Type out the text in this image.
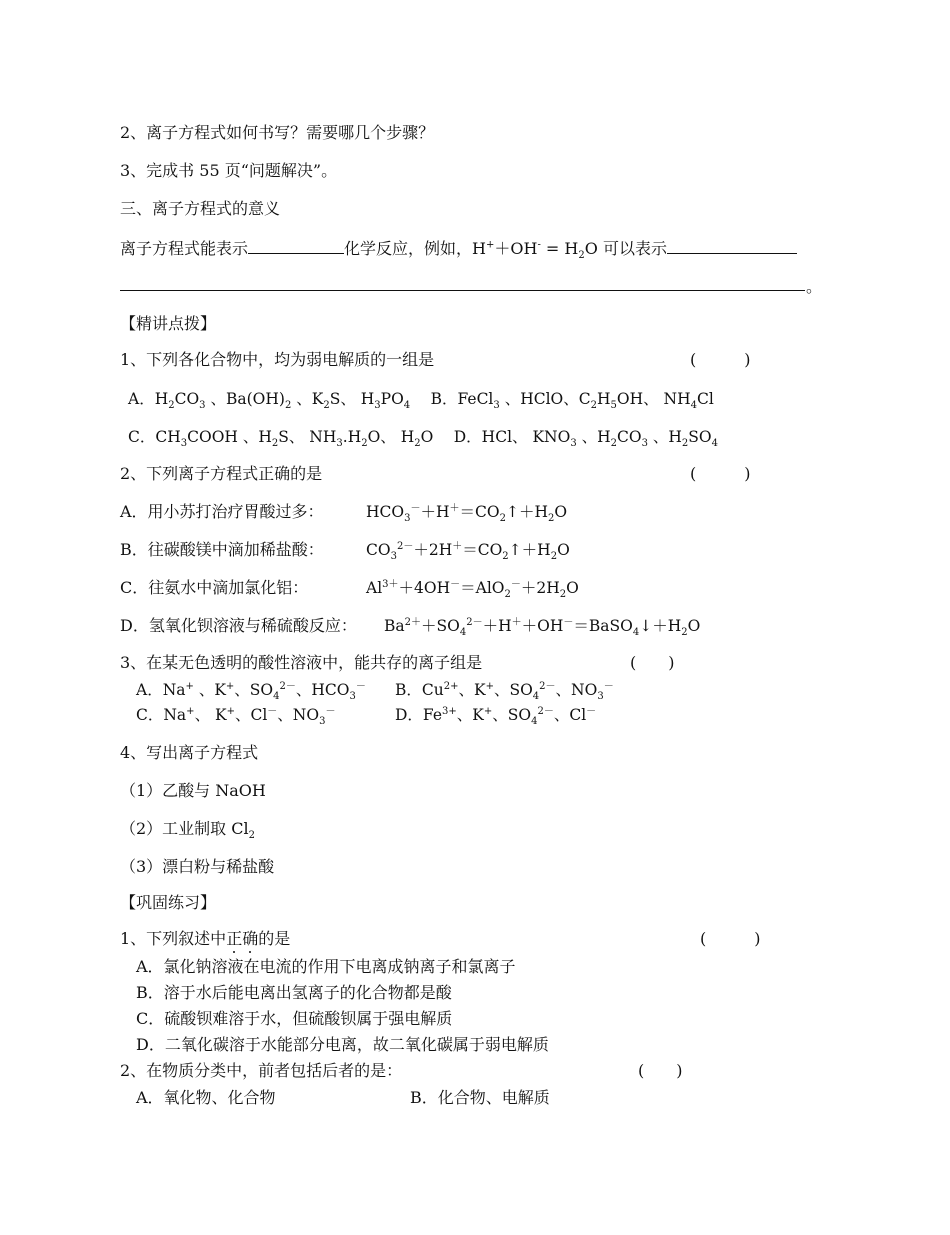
2、离子方程式如何书写？需要哪几个步骤？
3、完成书 55 页“问题解决”。
三、离子方程式的意义
离子方程式能表示	化学反应，例如，$H^++OH^- = H_2O$ 可以表示
。
【精讲点拨】
1、下列各化合物中，均为弱电解质的一组是	(　　　)
A．$H_2CO_3$ 、$Ba(OH)_2$ 、$K_2S$、 $H_3PO_4$　 B．FeCl$_3$ 、HClO、$C_2H_5OH$、 $NH_4Cl$
C．$CH_3COOH$ 、$H_2S$、 $NH_3.H_2O$、 $H_2O$　 D．HCl、 $KNO_3$ 、$H_2CO_3$ 、$H_2SO_4$
2、下列离子方程式正确的是	(　　　)
A．用小苏打治疗胃酸过多：	$HCO_3^-+H^+=CO_2↑+H_2O$
B．往碳酸镁中滴加稀盐酸：	$CO_3^{2-}+2H^+=CO_2↑+H_2O$
C．往氨水中滴加氯化铝：	$Al^{3+}+4OH^-=AlO_2^-+2H_2O$
D．氢氧化钡溶液与稀硫酸反应： $Ba^{2+}+SO_4^{2-}+H^++OH^-=BaSO_4↓+H_2O$
3、在某无色透明的酸性溶液中，能共存的离子组是	(　　)
A．Na+ 、K+、$SO_4^{2-}$、$HCO_3^-$ B．$Cu^{2+}$、K+、$SO_4^{2-}$、$NO_3^-$
C．Na+、 K+、Cl－、$NO_3^-$	D．$Fe^{3+}$、K+、$SO_4^{2-}$、Cl－
4、写出离子方程式
（1）乙酸与 NaOH
（2）工业制取 $Cl_2$
（3）漂白粉与稀盐酸
【巩固练习】
1、下列叙述中正确的是	(　　　)
A．氯化钠溶液在电流的作用下电离成钠离子和氯离子
B．溶于水后能电离出氢离子的化合物都是酸
C．硫酸钡难溶于水，但硫酸钡属于强电解质
D．二氧化碳溶于水能部分电离，故二氧化碳属于弱电解质
2、在物质分类中，前者包括后者的是：	(　　)
A．氧化物、化合物	B．化合物、电解质
